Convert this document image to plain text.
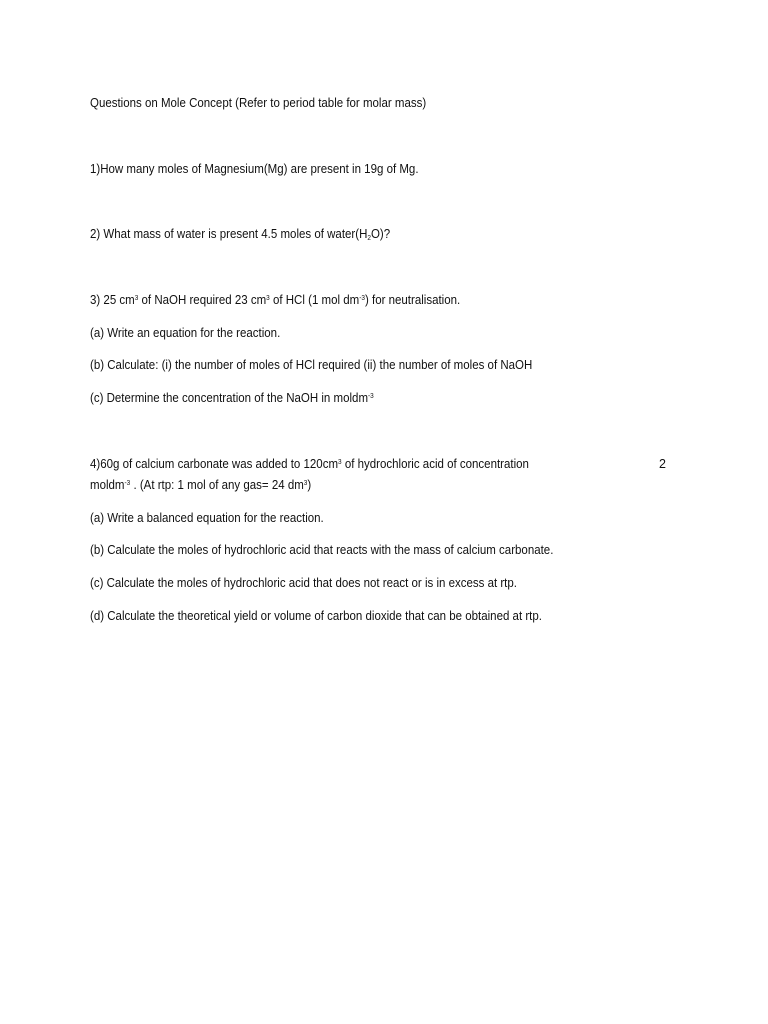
Questions on Mole Concept (Refer to period table for molar mass)
1)How many moles of Magnesium(Mg) are present in 19g of Mg.
2) What mass of water is present 4.5 moles of $water(H_2O)$?
3) 25 $cm^3$ of NaOH required 23 $cm^3$ of HCl (1 mol $dm^{-3}$) for neutralisation.
(a) Write an equation for the reaction.
(b) Calculate: (i) the number of moles of HCl required (ii) the number of moles of NaOH
(c) Determine the concentration of the NaOH in moldm$^{-3}$
4)60g of calcium carbonate was added to $120cm^3$ of hydrochloric acid of concentration	2
moldm$^{-3}$ . (At rtp: 1 mol of any gas= 24 $dm^3$)
(a) Write a balanced equation for the reaction.
(b) Calculate the moles of hydrochloric acid that reacts with the mass of calcium carbonate.
(c) Calculate the moles of hydrochloric acid that does not react or is in excess at rtp.
(d) Calculate the theoretical yield or volume of carbon dioxide that can be obtained at rtp.
